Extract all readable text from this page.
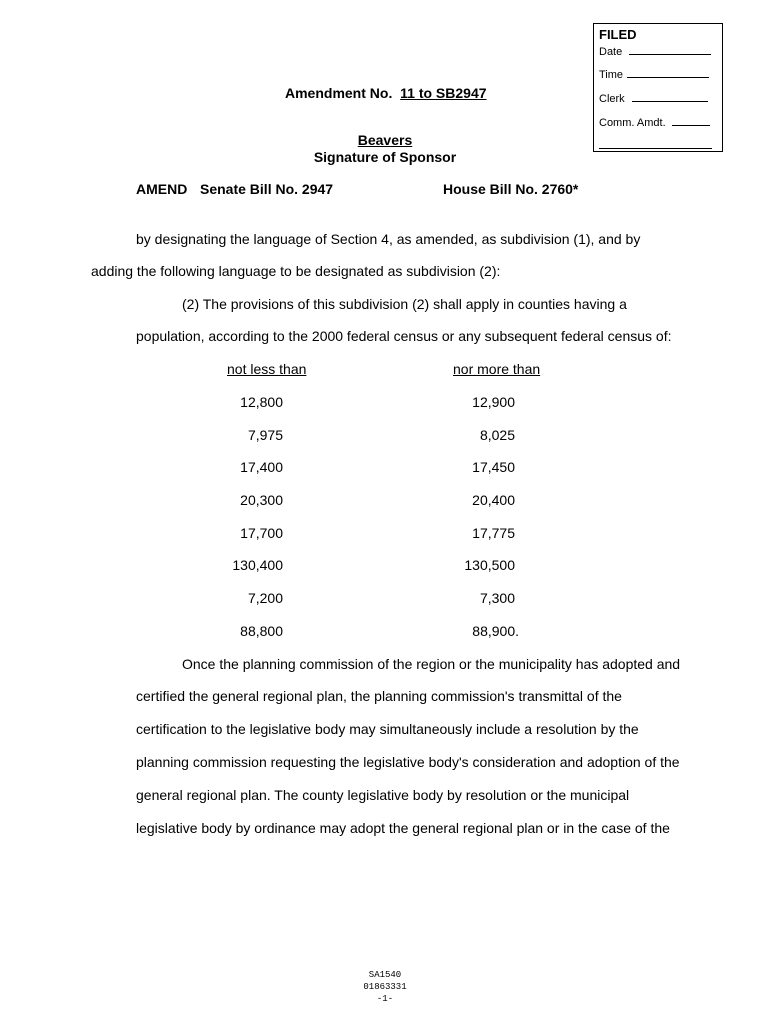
FILED
Date
Time
Clerk
Comm. Amdt.
Amendment No. 11 to SB2947
Beavers
Signature of Sponsor
AMEND Senate Bill No. 2947	House Bill No. 2760*
by designating the language of Section 4, as amended, as subdivision (1), and by
adding the following language to be designated as subdivision (2):
(2) The provisions of this subdivision (2) shall apply in counties having a
population, according to the 2000 federal census or any subsequent federal census of:
not less than	nor more than
12,800	12,900
7,975	8,025
17,400	17,450
20,300	20,400
17,700	17,775
130,400	130,500
7,200	7,300
88,800	88,900.
Once the planning commission of the region or the municipality has adopted and
certified the general regional plan, the planning commission's transmittal of the
certification to the legislative body may simultaneously include a resolution by the
planning commission requesting the legislative body's consideration and adoption of the
general regional plan. The county legislative body by resolution or the municipal
legislative body by ordinance may adopt the general regional plan or in the case of the
SA1540
01863331
-1-
